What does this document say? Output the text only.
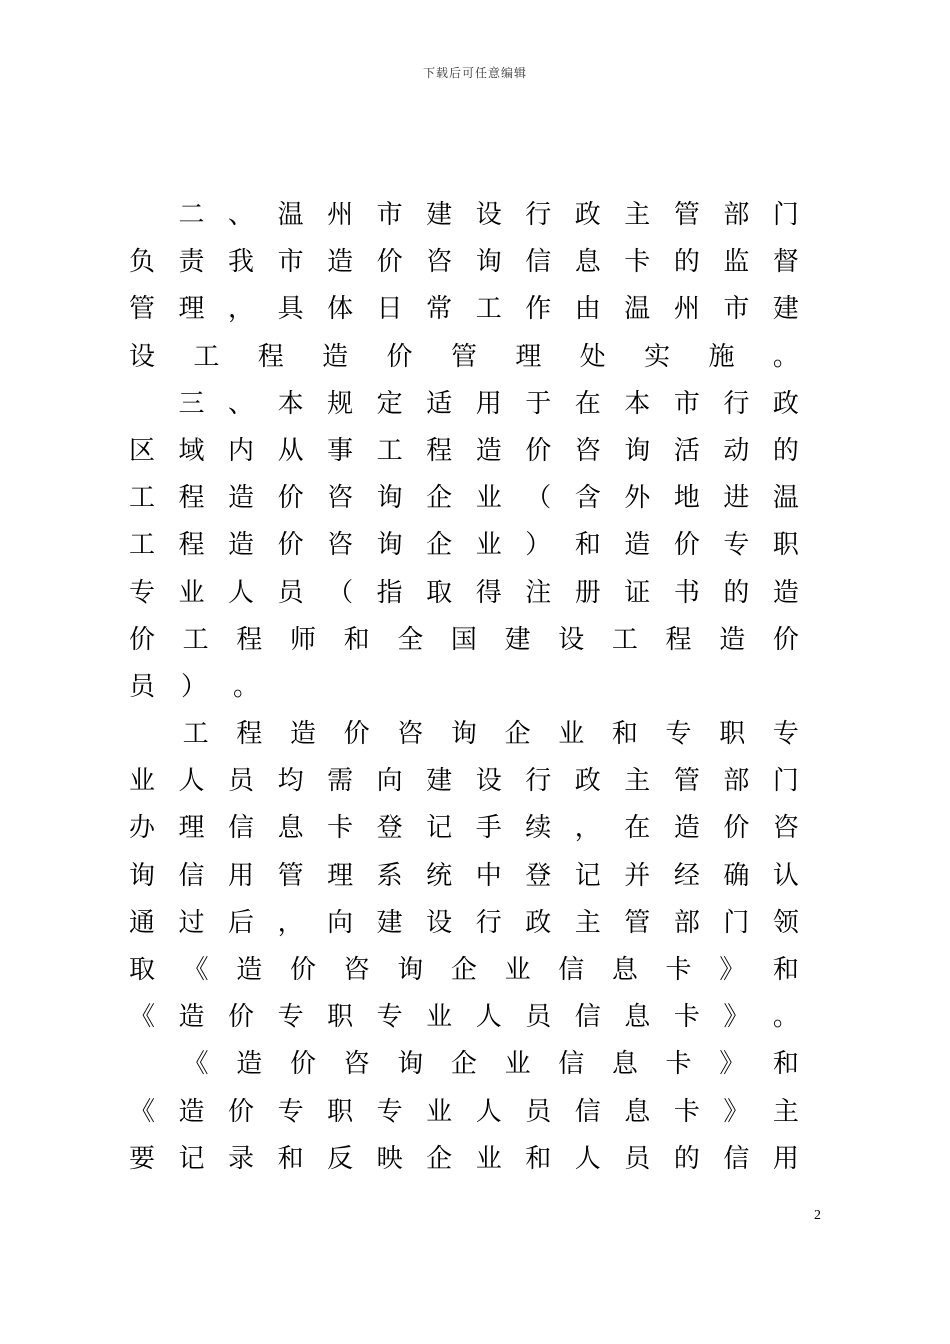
下载后可任意编辑

二 、 温 州 市 建 设 行 政 主 管 部 门
负 责 我 市 造 价 咨 询 信 息 卡 的 监 督
管 理 ， 具 体 日 常 工 作 由 温 州 市 建
设 工 程 造 价 管 理 处 实 施 。

三 、 本 规 定 适 用 于 在 本 市 行 政
区 域 内 从 事 工 程 造 价 咨 询 活 动 的
工 程 造 价 咨 询 企 业 （ 含 外 地 进 温
工 程 造 价 咨 询 企 业 ） 和 造 价 专 职
专 业 人 员 （ 指 取 得 注 册 证 书 的 造
价 工 程 师 和 全 国 建 设 工 程 造 价
员 ） 。

工 程 造 价 咨 询 企 业 和 专 职 专
业 人 员 均 需 向 建 设 行 政 主 管 部 门
办 理 信 息 卡 登 记 手 续 ， 在 造 价 咨
询 信 用 管 理 系 统 中 登 记 并 经 确 认
通 过 后 ， 向 建 设 行 政 主 管 部 门 领
取 《 造 价 咨 询 企 业 信 息 卡 》 和
《 造 价 专 职 专 业 人 员 信 息 卡 》 。

《 造 价 咨 询 企 业 信 息 卡 》 和
《 造 价 专 职 专 业 人 员 信 息 卡 》 主
要 记 录 和 反 映 企 业 和 人 员 的 信 用
2
